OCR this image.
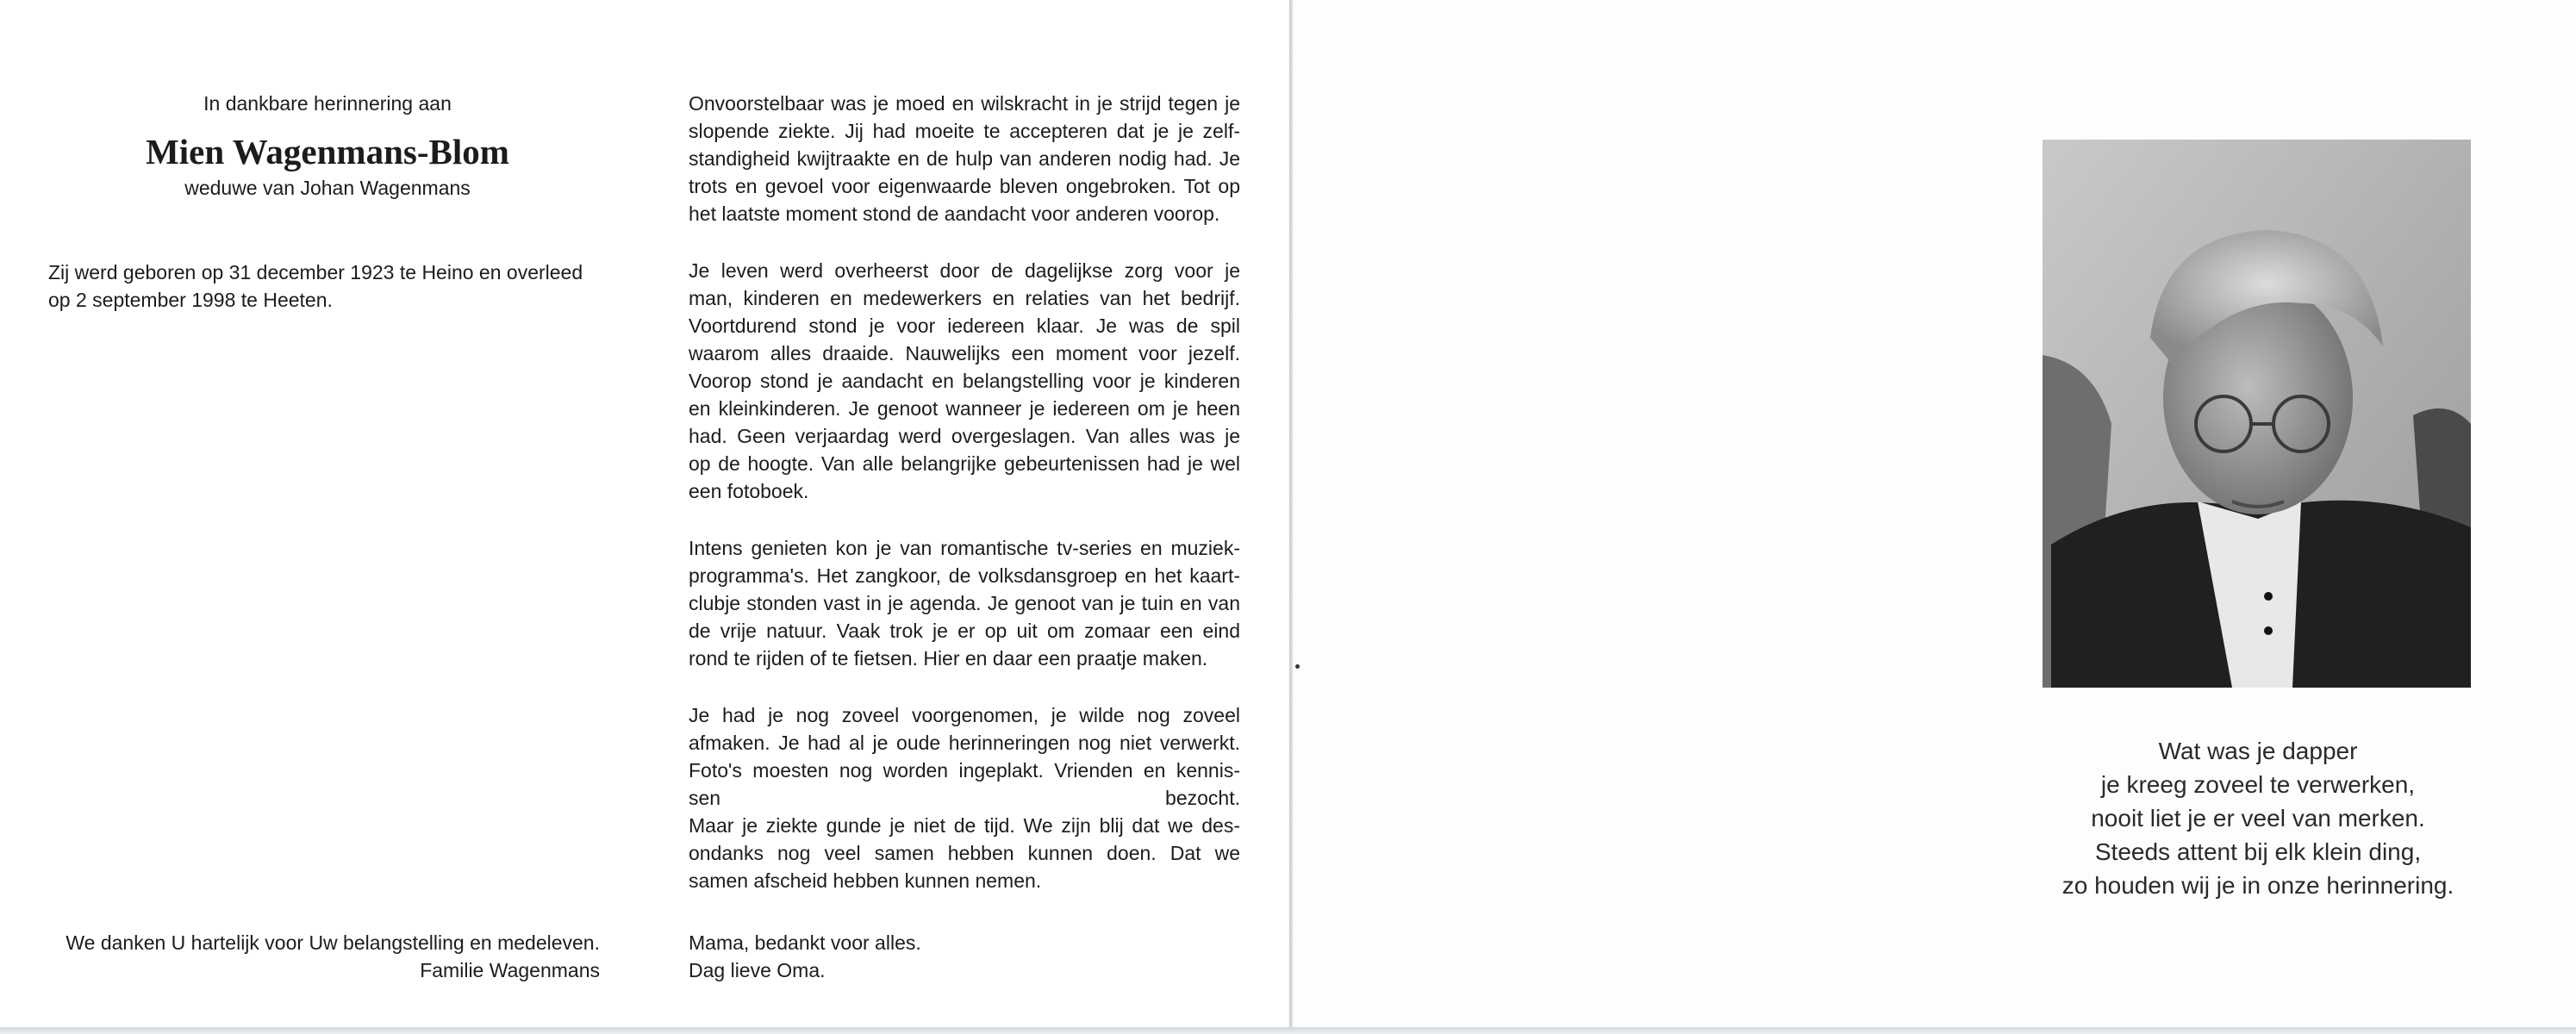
In dankbare herinnering aan
Mien Wagenmans-Blom
weduwe van Johan Wagenmans
Zij werd geboren op 31 december 1923 te Heino en overleed
op 2 september 1998 te Heeten.
We danken U hartelijk voor Uw belangstelling en medeleven.
Familie Wagenmans
Onvoorstelbaar was je moed en wilskracht in je strijd tegen je
slopende ziekte. Jij had moeite te accepteren dat je je zelf-
standigheid kwijtraakte en de hulp van anderen nodig had. Je
trots en gevoel voor eigenwaarde bleven ongebroken. Tot op
het laatste moment stond de aandacht voor anderen voorop.
Je leven werd overheerst door de dagelijkse zorg voor je
man, kinderen en medewerkers en relaties van het bedrijf.
Voortdurend stond je voor iedereen klaar. Je was de spil
waarom alles draaide. Nauwelijks een moment voor jezelf.
Voorop stond je aandacht en belangstelling voor je kinderen
en kleinkinderen. Je genoot wanneer je iedereen om je heen
had. Geen verjaardag werd overgeslagen. Van alles was je
op de hoogte. Van alle belangrijke gebeurtenissen had je wel
een fotoboek.
Intens genieten kon je van romantische tv-series en muziek-
programma's. Het zangkoor, de volksdansgroep en het kaart-
clubje stonden vast in je agenda. Je genoot van je tuin en van
de vrije natuur. Vaak trok je er op uit om zomaar een eind
rond te rijden of te fietsen. Hier en daar een praatje maken.
Je had je nog zoveel voorgenomen, je wilde nog zoveel
afmaken. Je had al je oude herinneringen nog niet verwerkt.
Foto's moesten nog worden ingeplakt. Vrienden en kennis-
sen bezocht.
Maar je ziekte gunde je niet de tijd. We zijn blij dat we des-
ondanks nog veel samen hebben kunnen doen. Dat we
samen afscheid hebben kunnen nemen.
Mama, bedankt voor alles.
Dag lieve Oma.
Wat was je dapper
je kreeg zoveel te verwerken,
nooit liet je er veel van merken.
Steeds attent bij elk klein ding,
zo houden wij je in onze herinnering.
